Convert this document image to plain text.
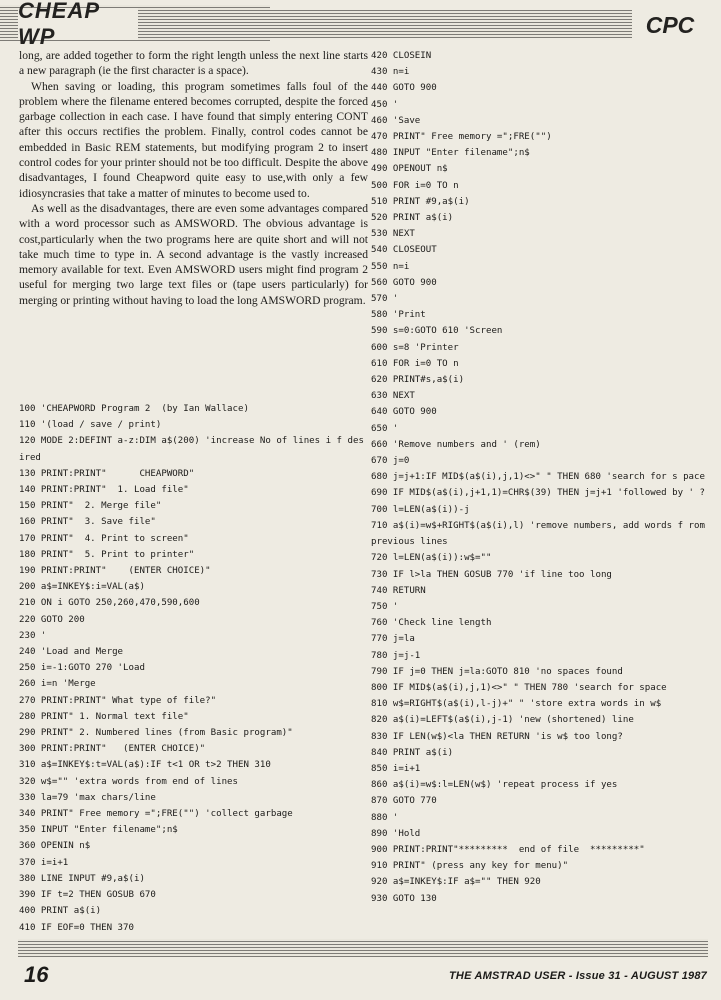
CHEAP WP	CPC

long, are added together to form the right length unless the next line starts a new paragraph (ie the first character is a space).

When saving or loading, this program sometimes falls foul of the problem where the filename entered becomes corrupted, despite the forced garbage collection in each case. I have found that simply entering CONT after this occurs rectifies the problem. Finally, control codes cannot be embedded in Basic REM statements, but modifying program 2 to insert control codes for your printer should not be too difficult. Despite the above disadvantages, I found Cheapword quite easy to use,with only a few idiosyncrasies that take a matter of minutes to become used to.

As well as the disadvantages, there are even some advantages compared with a word processor such as AMSWORD. The obvious advantage is cost,particularly when the two programs here are quite short and will not take much time to type in. A second advantage is the vastly increased memory available for text. Even AMSWORD users might find program 2 useful for merging two large text files or (tape users particularly) for merging or printing without having to load the long AMSWORD program.

100 'CHEAPWORD Program 2  (by Ian Wallace)
110 '(load / save / print)
120 MODE 2:DEFINT a-z:DIM a$(200) 'increase No of lines i f desired
130 PRINT:PRINT"      CHEAPWORD"
140 PRINT:PRINT"  1. Load file"
150 PRINT"  2. Merge file"
160 PRINT"  3. Save file"
170 PRINT"  4. Print to screen"
180 PRINT"  5. Print to printer"
190 PRINT:PRINT"    (ENTER CHOICE)"
200 a$=INKEY$:i=VAL(a$)
210 ON i GOTO 250,260,470,590,600
220 GOTO 200
230 '
240 'Load and Merge
250 i=-1:GOTO 270 'Load
260 i=n 'Merge
270 PRINT:PRINT" What type of file?"
280 PRINT" 1. Normal text file"
290 PRINT" 2. Numbered lines (from Basic program)"
300 PRINT:PRINT"   (ENTER CHOICE)"
310 a$=INKEY$:t=VAL(a$):IF t<1 OR t>2 THEN 310
320 w$="" 'extra words from end of lines
330 la=79 'max chars/line
340 PRINT" Free memory =";FRE("") 'collect garbage
350 INPUT "Enter filename";n$
360 OPENIN n$
370 i=i+1
380 LINE INPUT #9,a$(i)
390 IF t=2 THEN GOSUB 670
400 PRINT a$(i)
410 IF EOF=0 THEN 370
420 CLOSEIN
430 n=i
440 GOTO 900
450 '
460 'Save
470 PRINT" Free memory =";FRE("")
480 INPUT "Enter filename";n$
490 OPENOUT n$
500 FOR i=0 TO n
510 PRINT #9,a$(i)
520 PRINT a$(i)
530 NEXT
540 CLOSEOUT
550 n=i
560 GOTO 900
570 '
580 'Print
590 s=0:GOTO 610 'Screen
600 s=8 'Printer
610 FOR i=0 TO n
620 PRINT#s,a$(i)
630 NEXT
640 GOTO 900
650 '
660 'Remove numbers and ' (rem)
670 j=0
680 j=j+1:IF MID$(a$(i),j,1)<>" " THEN 680 'search for s pace
690 IF MID$(a$(i),j+1,1)=CHR$(39) THEN j=j+1 'followed by ' ?
700 l=LEN(a$(i))-j
710 a$(i)=w$+RIGHT$(a$(i),l) 'remove numbers, add words f rom previous lines
720 l=LEN(a$(i)):w$=""
730 IF l>la THEN GOSUB 770 'if line too long
740 RETURN
750 '
760 'Check line length
770 j=la
780 j=j-1
790 IF j=0 THEN j=la:GOTO 810 'no spaces found
800 IF MID$(a$(i),j,1)<>" " THEN 780 'search for space
810 w$=RIGHT$(a$(i),l-j)+" " 'store extra words in w$
820 a$(i)=LEFT$(a$(i),j-1) 'new (shortened) line
830 IF LEN(w$)<la THEN RETURN 'is w$ too long?
840 PRINT a$(i)
850 i=i+1
860 a$(i)=w$:l=LEN(w$) 'repeat process if yes
870 GOTO 770
880 '
890 'Hold
900 PRINT:PRINT"*********  end of file  *********"
910 PRINT" (press any key for menu)"
920 a$=INKEY$:IF a$="" THEN 920
930 GOTO 130
16	THE AMSTRAD USER - Issue 31 - AUGUST 1987
